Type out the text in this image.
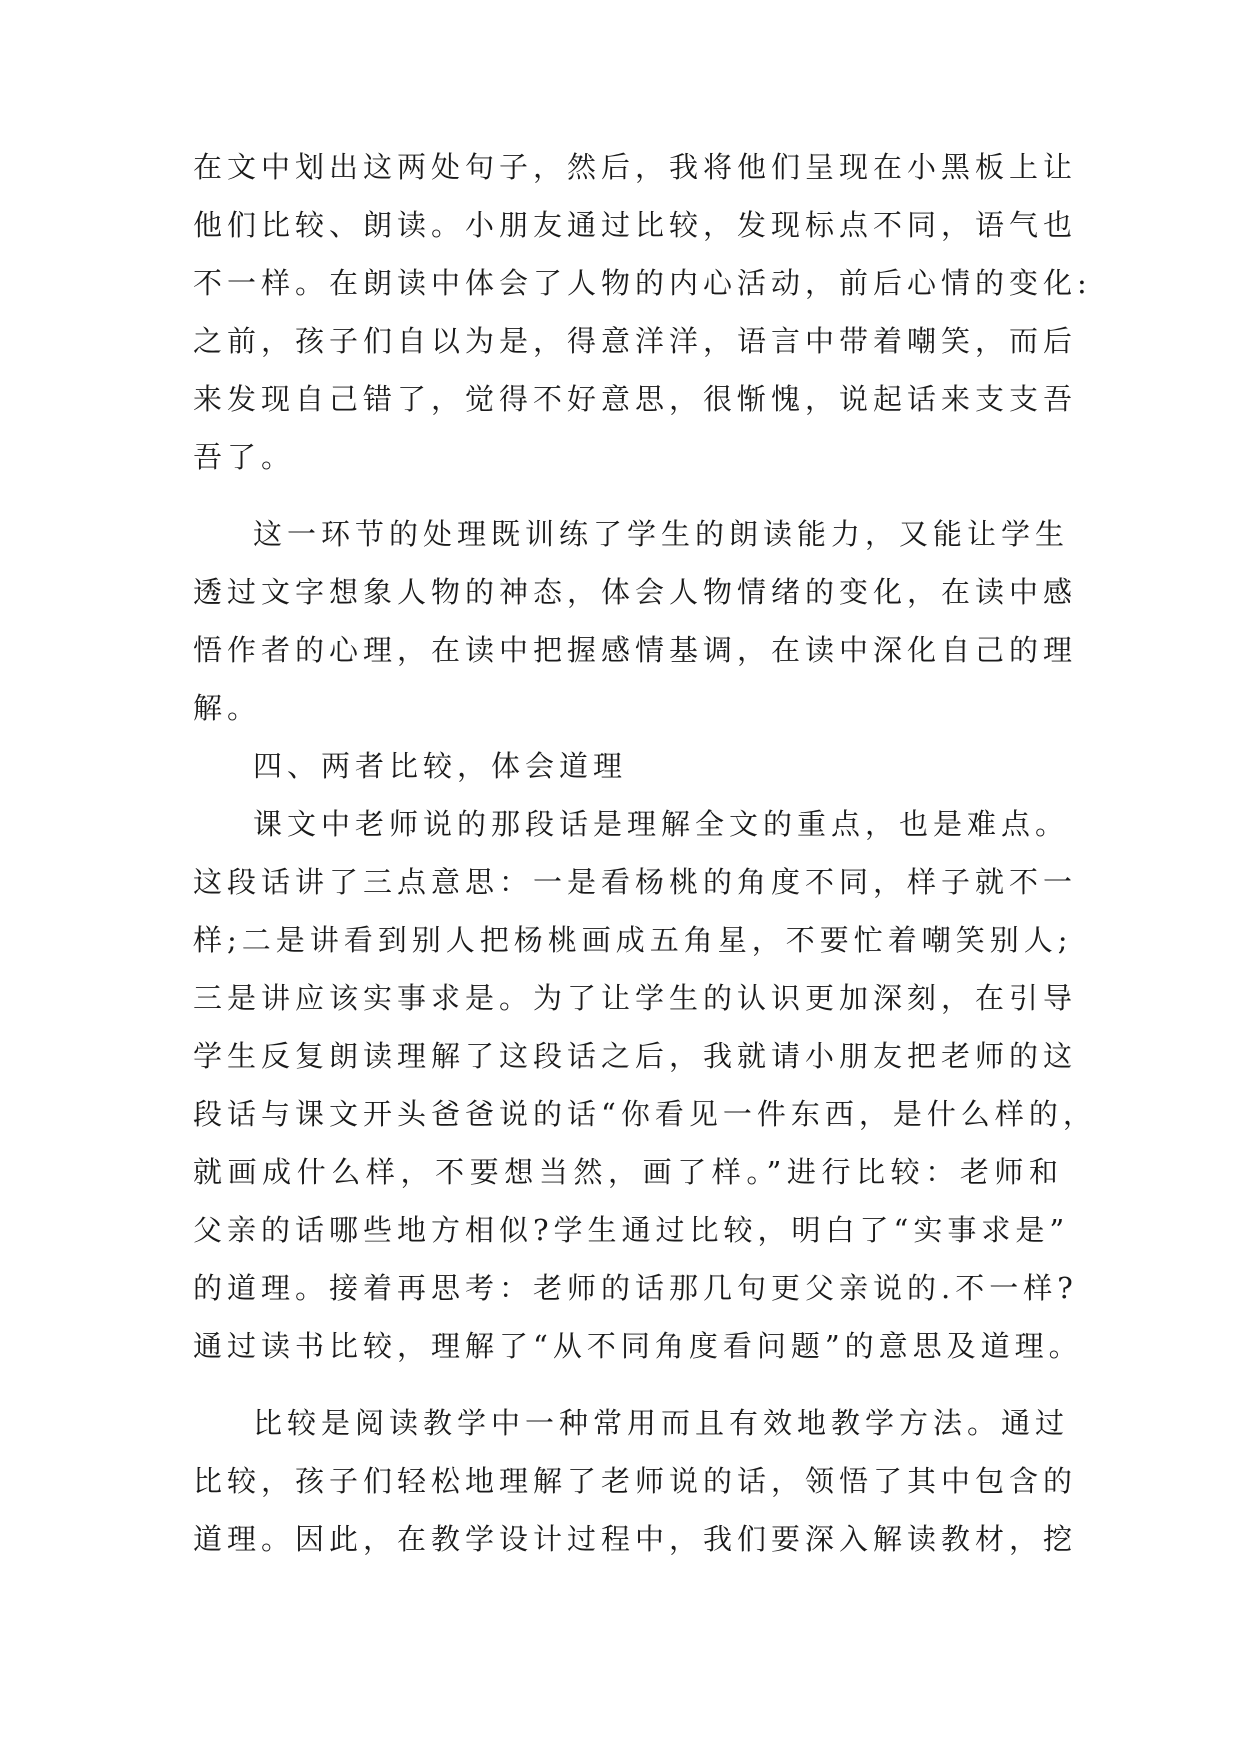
在文中划出这两处句子，然后，我将他们呈现在小黑板上让
他们比较、朗读。小朋友通过比较，发现标点不同，语气也
不一样。在朗读中体会了人物的内心活动，前后心情的变化:
之前，孩子们自以为是，得意洋洋，语言中带着嘲笑，而后
来发现自己错了，觉得不好意思，很惭愧，说起话来支支吾
吾了。
这一环节的处理既训练了学生的朗读能力，又能让学生
透过文字想象人物的神态，体会人物情绪的变化，在读中感
悟作者的心理，在读中把握感情基调，在读中深化自己的理
解。
四、两者比较，体会道理
课文中老师说的那段话是理解全文的重点，也是难点。
这段话讲了三点意思：一是看杨桃的角度不同，样子就不一
样;二是讲看到别人把杨桃画成五角星，不要忙着嘲笑别人;
三是讲应该实事求是。为了让学生的认识更加深刻，在引导
学生反复朗读理解了这段话之后，我就请小朋友把老师的这
段话与课文开头爸爸说的话“你看见一件东西，是什么样的，
就画成什么样，不要想当然，画了样。”进行比较：老师和
父亲的话哪些地方相似?学生通过比较，明白了“实事求是”
的道理。接着再思考：老师的话那几句更父亲说的.不一样?
通过读书比较，理解了“从不同角度看问题”的意思及道理。
比较是阅读教学中一种常用而且有效地教学方法。通过
比较，孩子们轻松地理解了老师说的话，领悟了其中包含的
道理。因此，在教学设计过程中，我们要深入解读教材，挖
